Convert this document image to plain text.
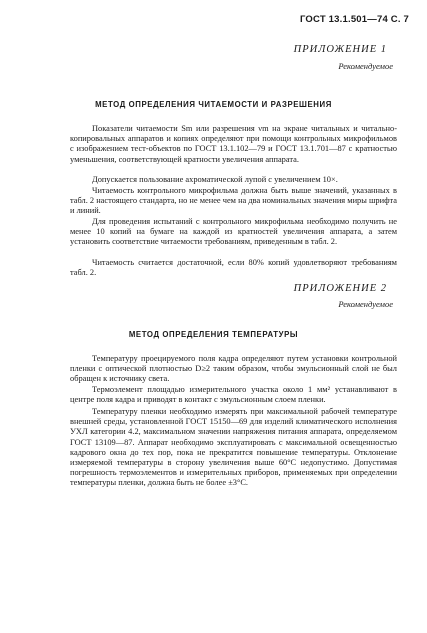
ГОСТ 13.1.501—74 С. 7
ПРИЛОЖЕНИЕ 1
Рекомендуемое
МЕТОД ОПРЕДЕЛЕНИЯ ЧИТАЕМОСТИ И РАЗРЕШЕНИЯ

Показатели читаемости Sm или разрешения νm на экране читальных и читально-копировальных аппаратов и копиях определяют при помощи контрольных микрофильмов с изображением тест-объектов по ГОСТ 13.1.102—79 и ГОСТ 13.1.701—87 с кратностью уменьшения, соответствующей кратности увеличения аппарата.

Допускается пользование ахроматической лупой с увеличением 10×.

Читаемость контрольного микрофильма должна быть выше значений, указанных в табл. 2 настоящего стандарта, но не менее чем на два номинальных значения миры шрифта и линий.

Для проведения испытаний с контрольного микрофильма необходимо получить не менее 10 копий на бумаге на каждой из кратностей увеличения аппарата, а затем установить соответствие читаемости требованиям, приведенным в табл. 2.

Читаемость считается достаточной, если 80% копий удовлетворяют требованиям табл. 2.

ПРИЛОЖЕНИЕ 2
Рекомендуемое
МЕТОД ОПРЕДЕЛЕНИЯ ТЕМПЕРАТУРЫ

Температуру проецируемого поля кадра определяют путем установки контрольной пленки с оптической плотностью D≥2 таким образом, чтобы эмульсионный слой не был обращен к источнику света.

Термоэлемент площадью измерительного участка около 1 мм² устанавливают в центре поля кадра и приводят в контакт с эмульсионным слоем пленки.

Температуру пленки необходимо измерять при максимальной рабочей температуре внешней среды, установленной ГОСТ 15150—69 для изделий климатического исполнения УХЛ категории 4.2, максимальном значении напряжения питания аппарата, определяемом ГОСТ 13109—87. Аппарат необходимо эксплуатировать с максимальной освещенностью кадрового окна до тех пор, пока не прекратится повышение температуры. Отклонение измеряемой температуры в сторону увеличения выше 60°С недопустимо. Допустимая погрешность термоэлементов и измерительных приборов, применяемых при определении температуры пленки, должна быть не более ±3°С.
